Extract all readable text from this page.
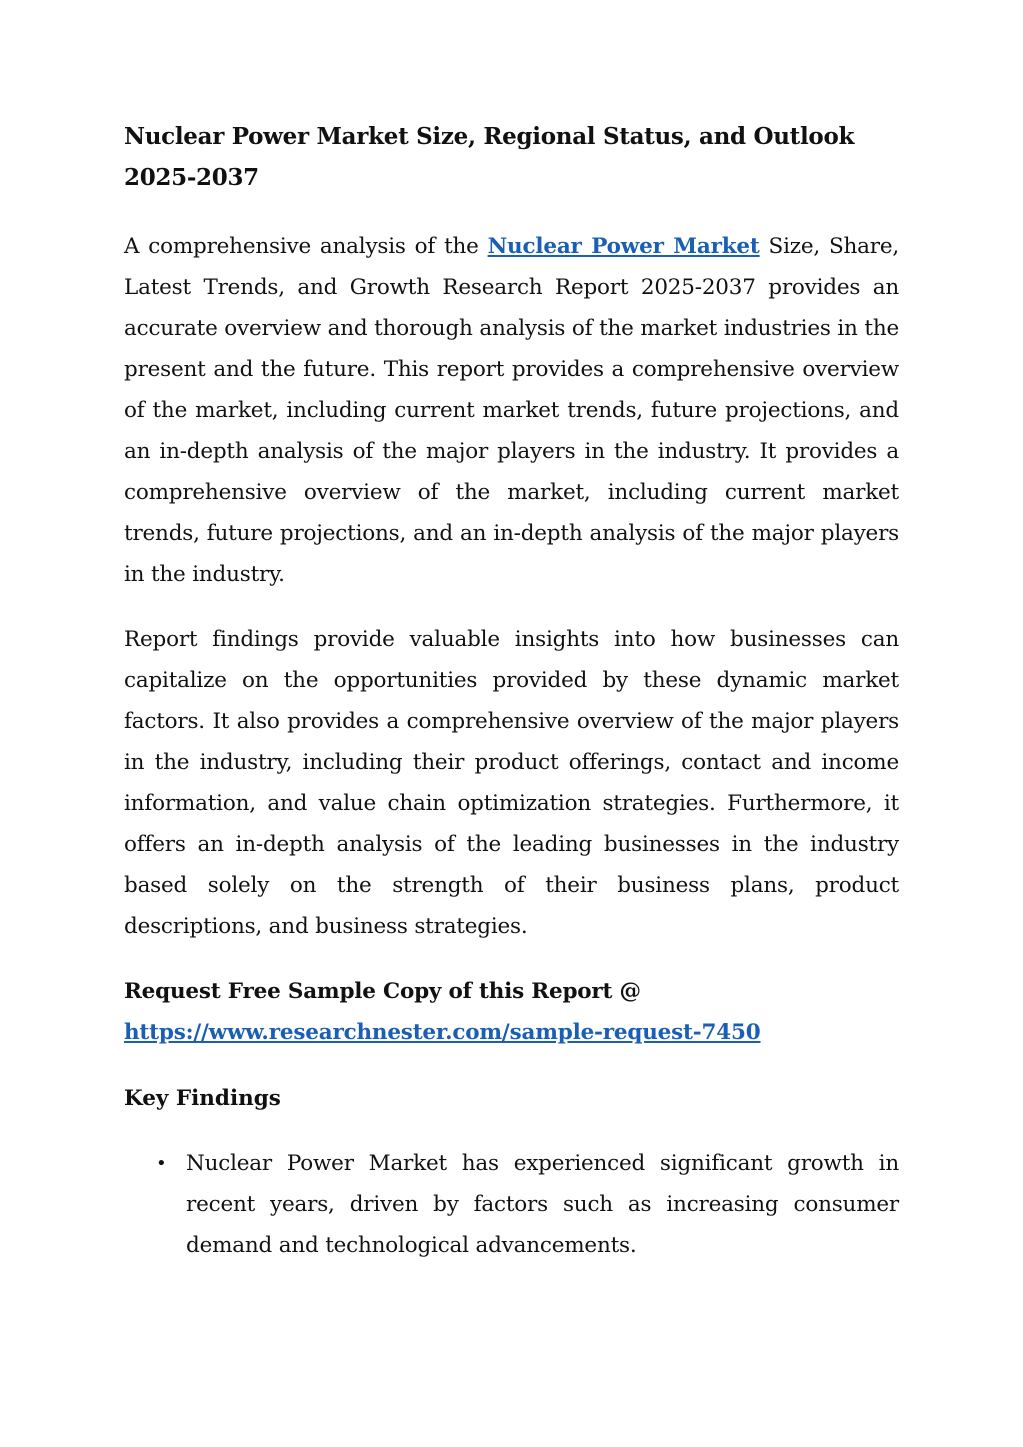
Nuclear Power Market Size, Regional Status, and Outlook 2025-2037

A comprehensive analysis of the Nuclear Power Market Size, Share, Latest Trends, and Growth Research Report 2025-2037 provides an accurate overview and thorough analysis of the market industries in the present and the future. This report provides a comprehensive overview of the market, including current market trends, future projections, and an in-depth analysis of the major players in the industry. It provides a comprehensive overview of the market, including current market trends, future projections, and an in-depth analysis of the major players in the industry.

Report findings provide valuable insights into how businesses can capitalize on the opportunities provided by these dynamic market factors. It also provides a comprehensive overview of the major players in the industry, including their product offerings, contact and income information, and value chain optimization strategies. Furthermore, it offers an in-depth analysis of the leading businesses in the industry based solely on the strength of their business plans, product descriptions, and business strategies.

Request Free Sample Copy of this Report @
https://www.researchnester.com/sample-request-7450
Key Findings
• Nuclear Power Market has experienced significant growth in recent years, driven by factors such as increasing consumer demand and technological advancements.
